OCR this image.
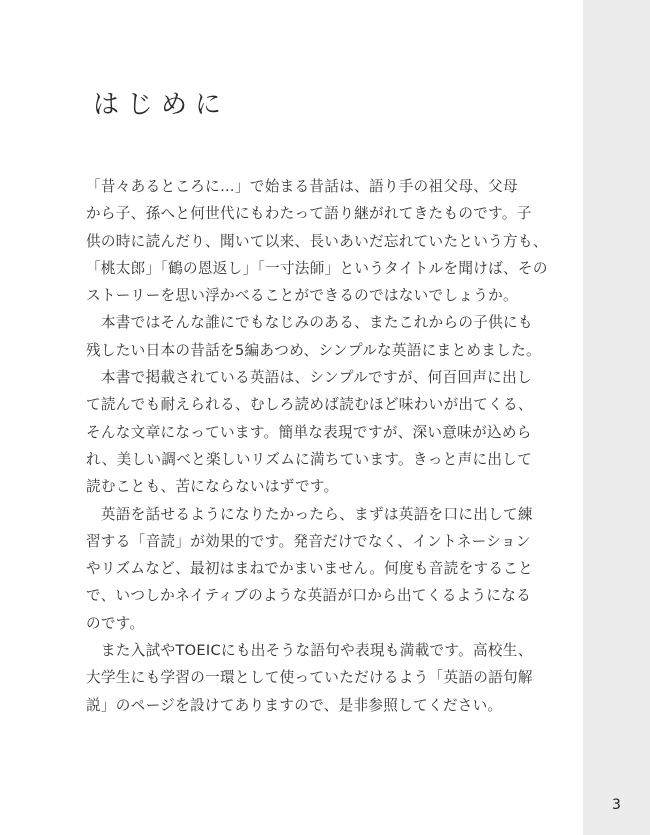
はじめに
「昔々あるところに…」で始まる昔話は、語り手の祖父母、父母
から子、孫へと何世代にもわたって語り継がれてきたものです。子
供の時に読んだり、聞いて以来、長いあいだ忘れていたという方も、
「桃太郎」「鶴の恩返し」「一寸法師」というタイトルを聞けば、その
ストーリーを思い浮かべることができるのではないでしょうか。
　本書ではそんな誰にでもなじみのある、またこれからの子供にも
残したい日本の昔話を5編あつめ、シンプルな英語にまとめました。
　本書で掲載されている英語は、シンプルですが、何百回声に出し
て読んでも耐えられる、むしろ読めば読むほど味わいが出てくる、
そんな文章になっています。簡単な表現ですが、深い意味が込めら
れ、美しい調べと楽しいリズムに満ちています。きっと声に出して
読むことも、苦にならないはずです。
　英語を話せるようになりたかったら、まずは英語を口に出して練
習する「音読」が効果的です。発音だけでなく、イントネーション
やリズムなど、最初はまねでかまいません。何度も音読をすること
で、いつしかネイティブのような英語が口から出てくるようになる
のです。
　また入試やTOEICにも出そうな語句や表現も満載です。高校生、
大学生にも学習の一環として使っていただけるよう「英語の語句解
説」のページを設けてありますので、是非参照してください。
3
